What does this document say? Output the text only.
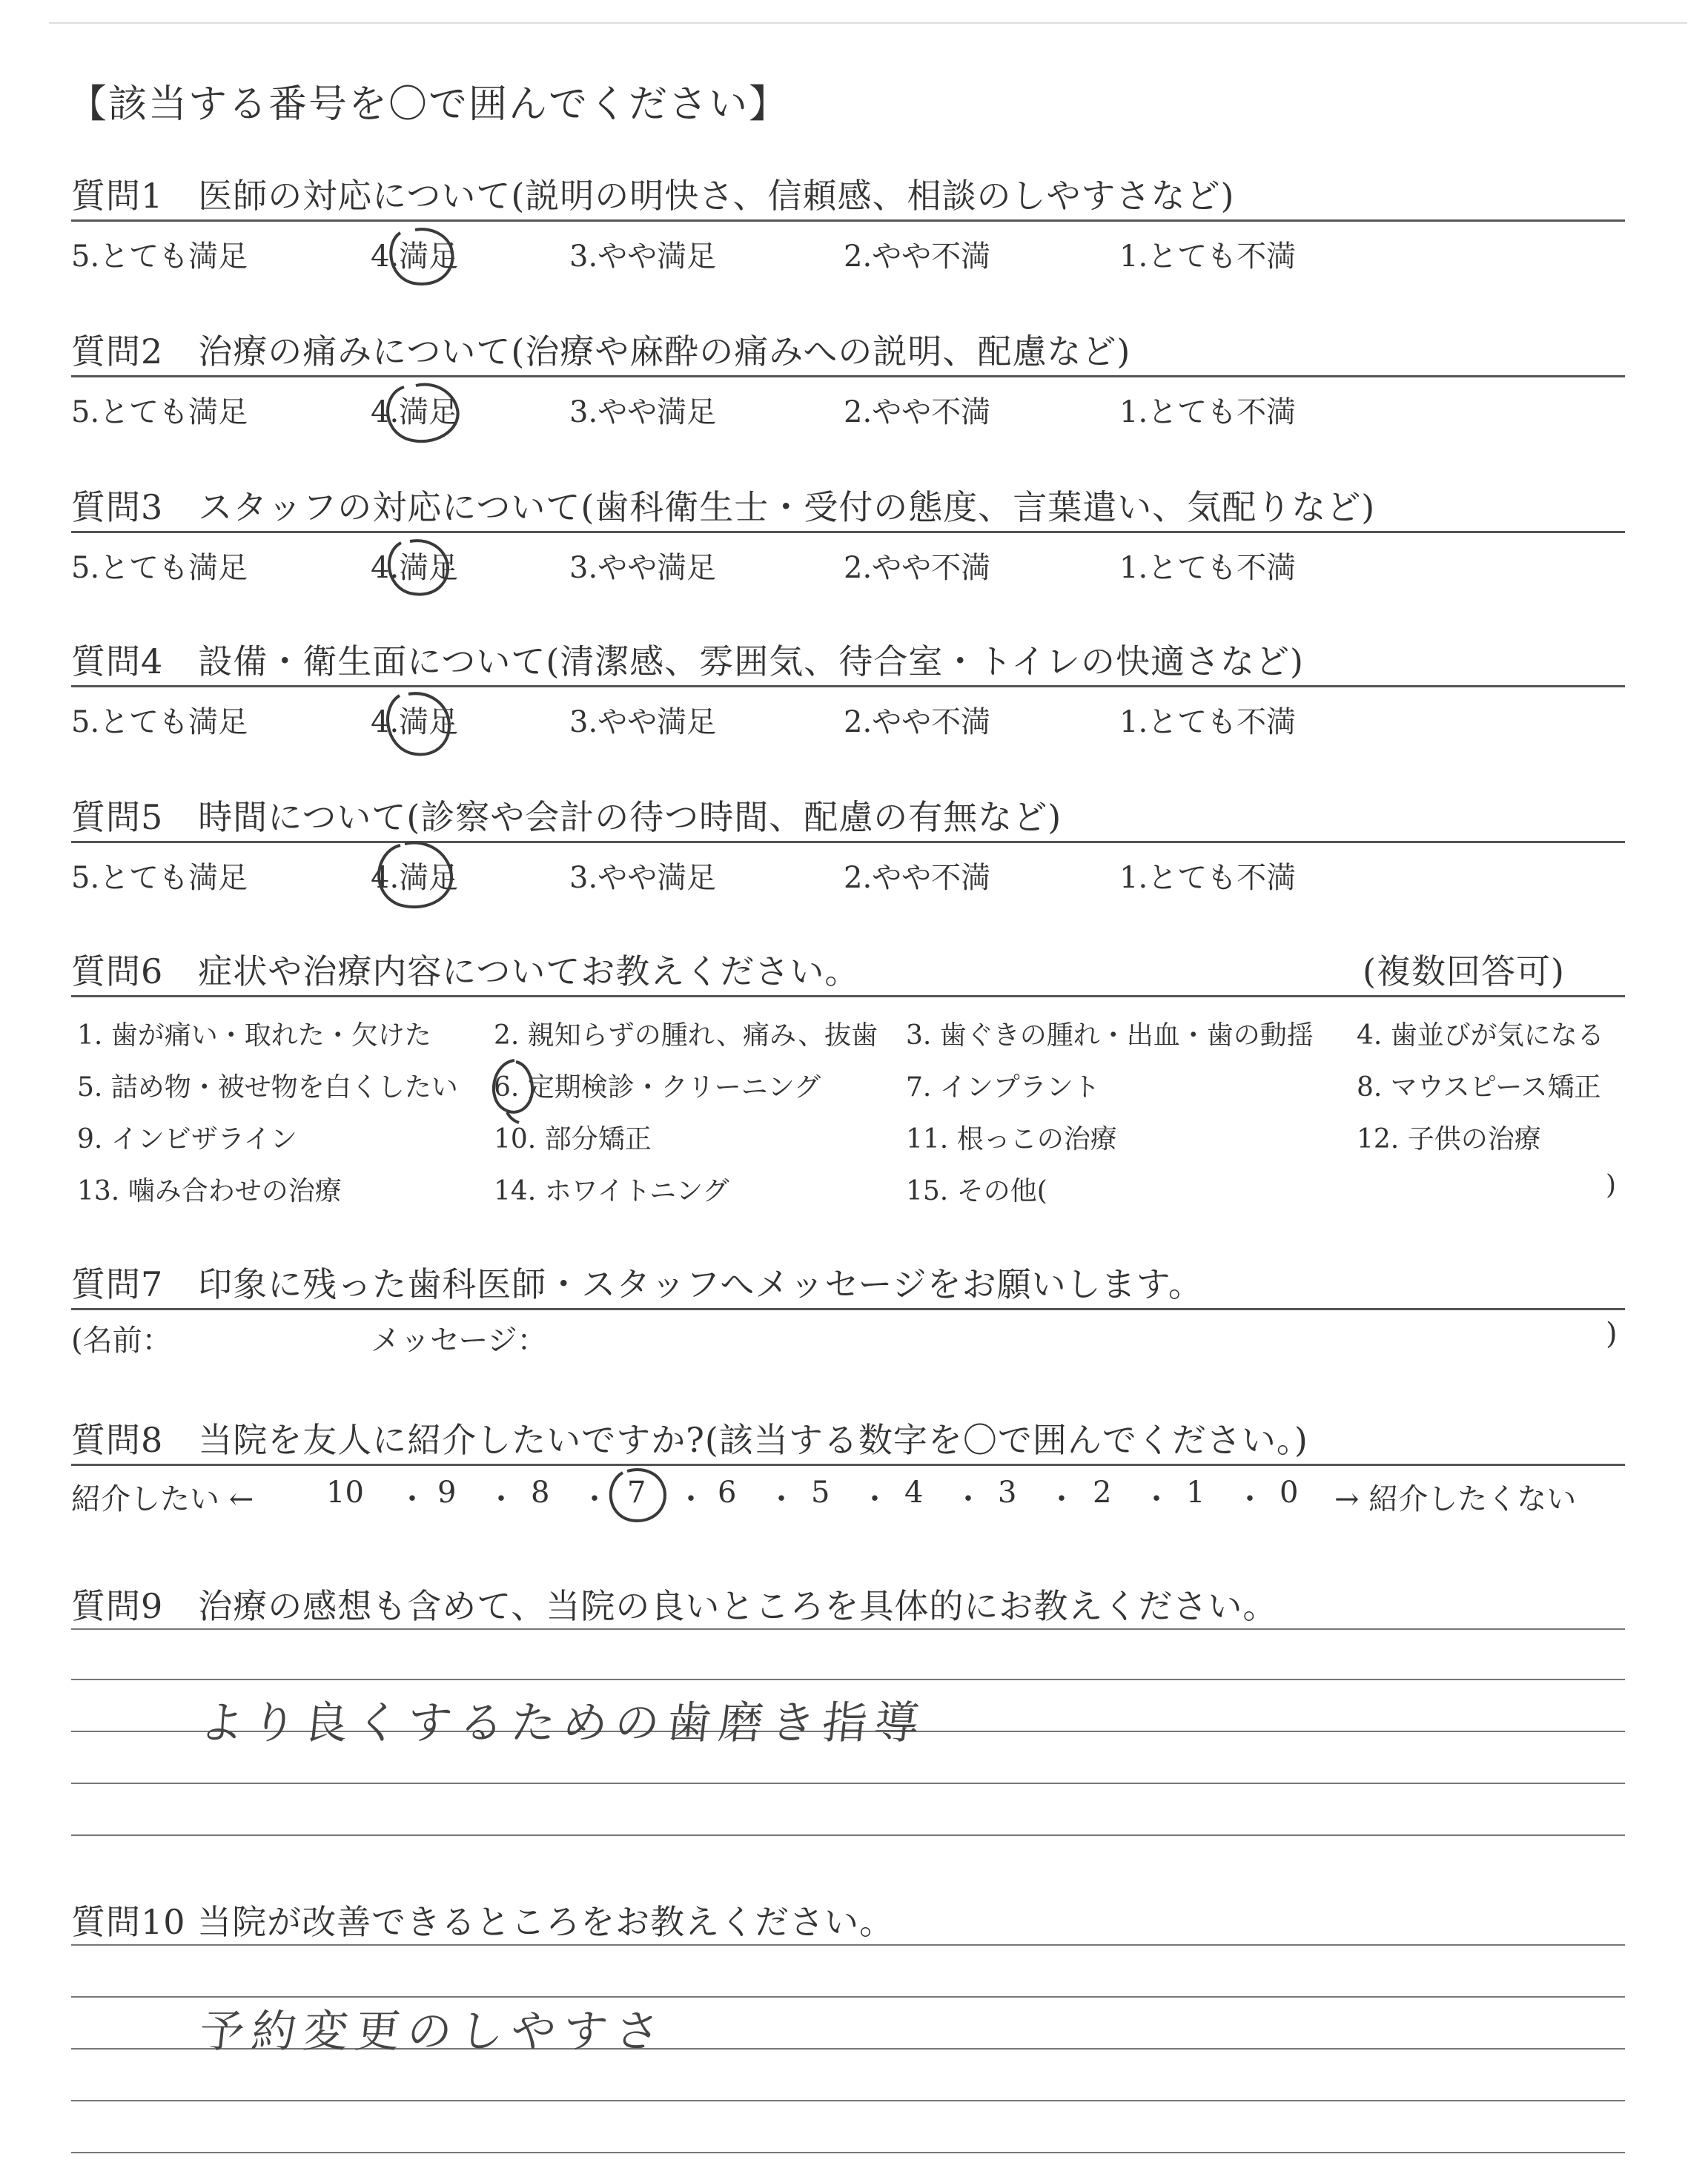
【該当する番号を〇で囲んでください】
質問1　医師の対応について(説明の明快さ、信頼感、相談のしやすさなど)
5.とても満足	4.満足	3.やや満足	2.やや不満	1.とても不満
質問2　治療の痛みについて(治療や麻酔の痛みへの説明、配慮など)
5.とても満足	4.満足	3.やや満足	2.やや不満	1.とても不満
質問3　スタッフの対応について(歯科衛生士・受付の態度、言葉遣い、気配りなど)
5.とても満足	4.満足	3.やや満足	2.やや不満	1.とても不満
質問4　設備・衛生面について(清潔感、雰囲気、待合室・トイレの快適さなど)
5.とても満足	4.満足	3.やや満足	2.やや不満	1.とても不満
質問5　時間について(診察や会計の待つ時間、配慮の有無など)
5.とても満足	4.満足	3.やや満足	2.やや不満	1.とても不満
質問6　症状や治療内容についてお教えください。	(複数回答可)
1. 歯が痛い・取れた・欠けた 2. 親知らずの腫れ、痛み、抜歯 3. 歯ぐきの腫れ・出血・歯の動揺 4. 歯並びが気になる
5. 詰め物・被せ物を白くしたい 6. 定期検診・クリーニング	7. インプラント	8. マウスピース矯正
9. インビザライン	10. 部分矯正	11. 根っこの治療	12. 子供の治療
13. 噛み合わせの治療	14. ホワイトニング	15. その他(	)
質問7　印象に残った歯科医師・スタッフへメッセージをお願いします。
(名前：	メッセージ：	)
質問8　当院を友人に紹介したいですか?(該当する数字を〇で囲んでください。)
紹介したい ← 10 ・ 9 ・ 8 ・ 7 ・ 6 ・ 5 ・ 4 ・ 3 ・ 2 ・ 1 ・ 0 → 紹介したくない
質問9　治療の感想も含めて、当院の良いところを具体的にお教えください。
より良くするための歯磨き指導
質問10 当院が改善できるところをお教えください。
予約変更のしやすさ
